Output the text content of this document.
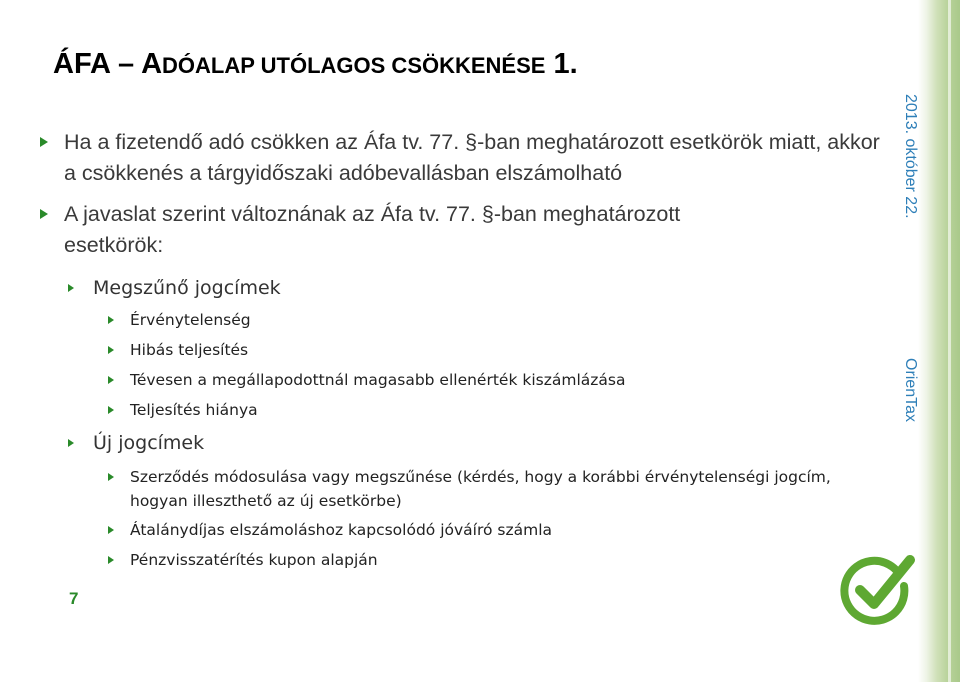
ÁFA – ADÓALAP UTÓLAGOS CSÖKKENÉSE 1.
Ha a fizetendő adó csökken az Áfa tv. 77. §-ban meghatározott esetkörök miatt, akkor a csökkenés a tárgyidőszaki adóbevallásban elszámolható
A javaslat szerint változnának az Áfa tv. 77. §-ban meghatározott esetkörök:
Megszűnő jogcímek
Érvénytelenség
Hibás teljesítés
Tévesen a megállapodottnál magasabb ellenérték kiszámlázása
Teljesítés hiánya
Új jogcímek
Szerződés módosulása vagy megszűnése (kérdés, hogy a korábbi érvénytelenségi jogcím, hogyan illeszthető az új esetkörbe)
Átalánydíjas elszámoláshoz kapcsolódó jóváíró számla
Pénzvisszatérítés kupon alapján
7
2013. október 22.
OrienTax
